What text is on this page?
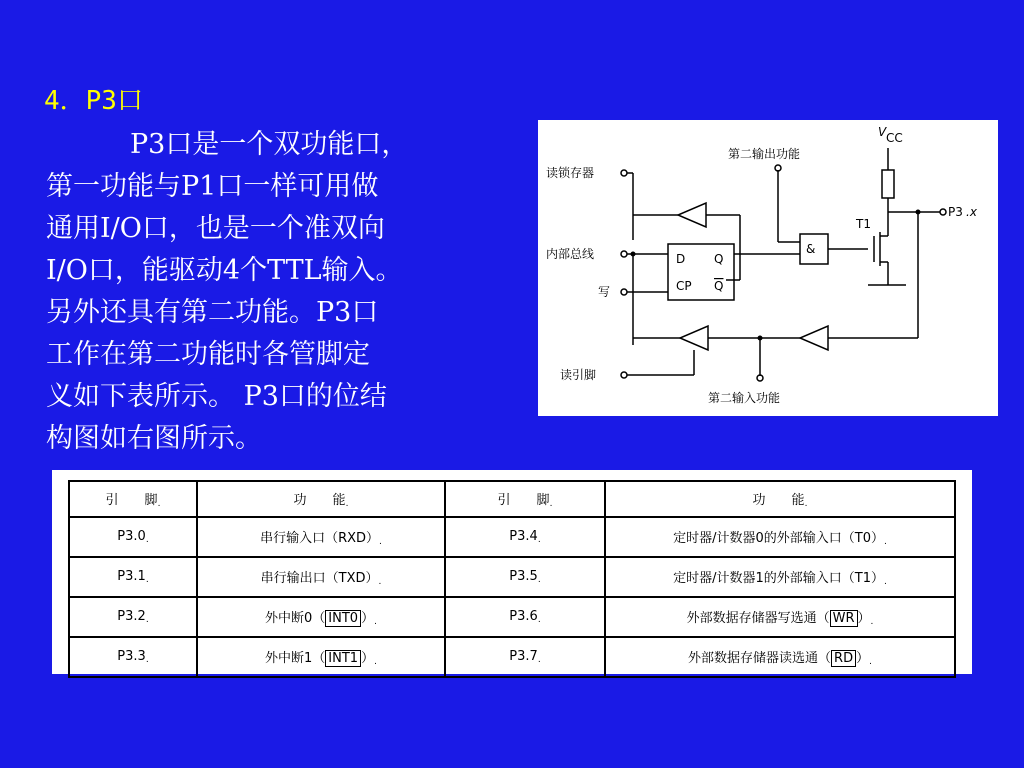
4．P3口
P3口是一个双功能口，
第一功能与P1口一样可用做
通用I/O口，也是一个准双向
I/O口，能驱动4个TTL输入。
另外还具有第二功能。P3口
工作在第二功能时各管脚定
义如下表所示。 P3口的位结
构图如右图所示。
读锁存器
内部总线
写
读引脚
第二输出功能
第二输入功能
V CC
T1
P3 .x
D Q
CP Q
&
引　　脚.	功　　能.	引　　脚.	功　　能.
P3.0.	串行输入口（RXD）.	P3.4.	定时器/计数器0的外部输入口（T0）.
P3.1.	串行输出口（TXD）.	P3.5.	定时器/计数器1的外部输入口（T1）.
P3.2.	外中断0（ INT0 ）.	P3.6.	外部数据存储器写选通（ $\overline{WR}$ ）.
P3.3.	外中断1（ INT1 ）.	P3.7.	外部数据存储器读选通（ $\overline{RD}$ ）.
